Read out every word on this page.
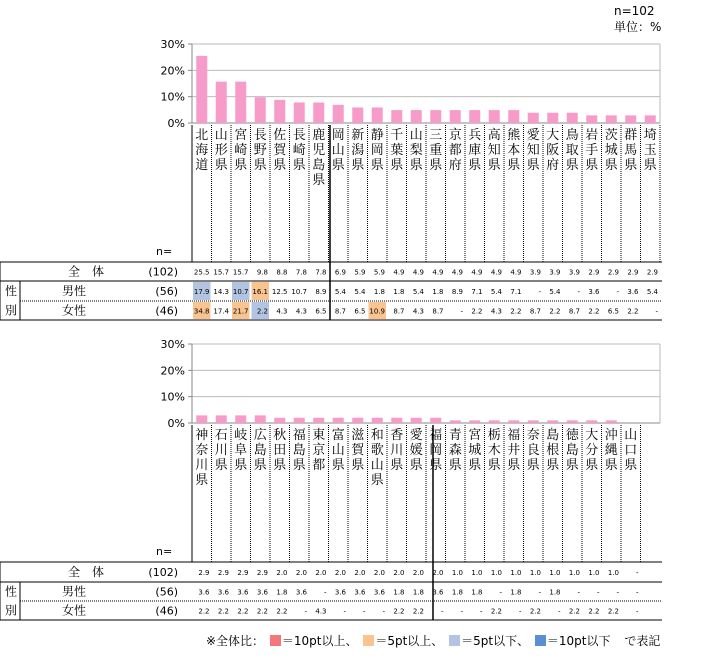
n=102
単位：%
0%
10%
20%
30%
北海道
山形県
宮崎県
長野県
佐賀県
長崎県
鹿児島県
岡山県
新潟県
静岡県
千葉県
山梨県
三重県
京都府
兵庫県
高知県
熊本県
愛知県
大阪府
鳥取県
岩手県
茨城県
群馬県
埼玉県
n=
全　体
性
別
男性
女性
(102)
(56)
(46)
25.5 15.7 15.7 9.8 8.8 7.8 7.8 6.9 5.9 5.9 4.9 4.9 4.9 4.9 4.9 4.9 4.9 3.9 3.9 3.9 2.9 2.9 2.9 2.9
17.9 14.3 10.7 16.1 12.5 10.7 8.9 5.4 5.4 1.8 1.8 5.4 1.8 8.9 7.1 5.4 7.1 - 5.4 - 3.6 - 3.6 5.4
34.8 17.4 21.7 2.2 4.3 4.3 6.5 8.7 6.5 10.9 8.7 4.3 8.7 - 2.2 4.3 2.2 8.7 2.2 8.7 2.2 6.5 2.2 -
0%
10%
20%
30%
神奈川県
石川県
岐阜県
広島県
秋田県
福島県
東京都
富山県
滋賀県
和歌山県
香川県
愛媛県
福岡県
青森県
宮城県
栃木県
福井県
奈良県
島根県
徳島県
大分県
沖縄県
山口県
n=
全　体
性
別
男性
女性
(102)
(56)
(46)
2.9 2.9 2.9 2.9 2.0 2.0 2.0 2.0 2.0 2.0 2.0 2.0 2.0 1.0 1.0 1.0 1.0 1.0 1.0 1.0 1.0 1.0 -
3.6 3.6 3.6 3.6 1.8 3.6 - 3.6 3.6 3.6 1.8 1.8 3.6 1.8 1.8 - 1.8 - 1.8 - - - -
2.2 2.2 2.2 2.2 2.2 - 4.3 - - - 2.2 2.2 - - - 2.2 - 2.2 - 2.2 2.2 2.2 -
※全体比： ＝10pt以上、 ＝5pt以上、 ＝5pt以下、 ＝10pt以下 で表記
